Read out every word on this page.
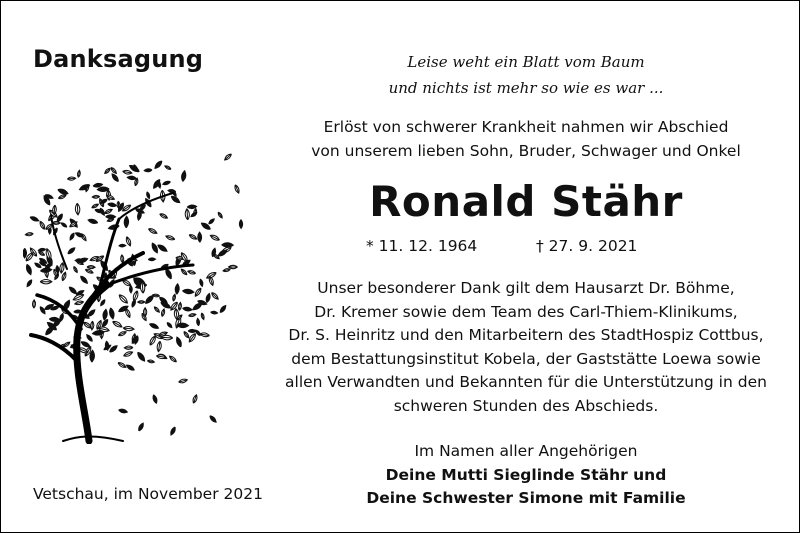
Danksagung	Leise weht ein Blatt vom Baum

und nichts ist mehr so wie es war ...

Erlöst von schwerer Krankheit nahmen wir Abschied

von unserem lieben Sohn, Bruder, Schwager und Onkel

Ronald Stähr
* 11. 12. 1964	† 27. 9. 2021

Unser besonderer Dank gilt dem Hausarzt Dr. Böhme,

Dr. Kremer sowie dem Team des Carl-Thiem-Klinikums,

Dr. S. Heinritz und den Mitarbeitern des StadtHospiz Cottbus,

dem Bestattungsinstitut Kobela, der Gaststätte Loewa sowie

allen Verwandten und Bekannten für die Unterstützung in den

schweren Stunden des Abschieds.

Im Namen aller Angehörigen

Deine Mutti Sieglinde Stähr und

Deine Schwester Simone mit Familie

Vetschau, im November 2021
